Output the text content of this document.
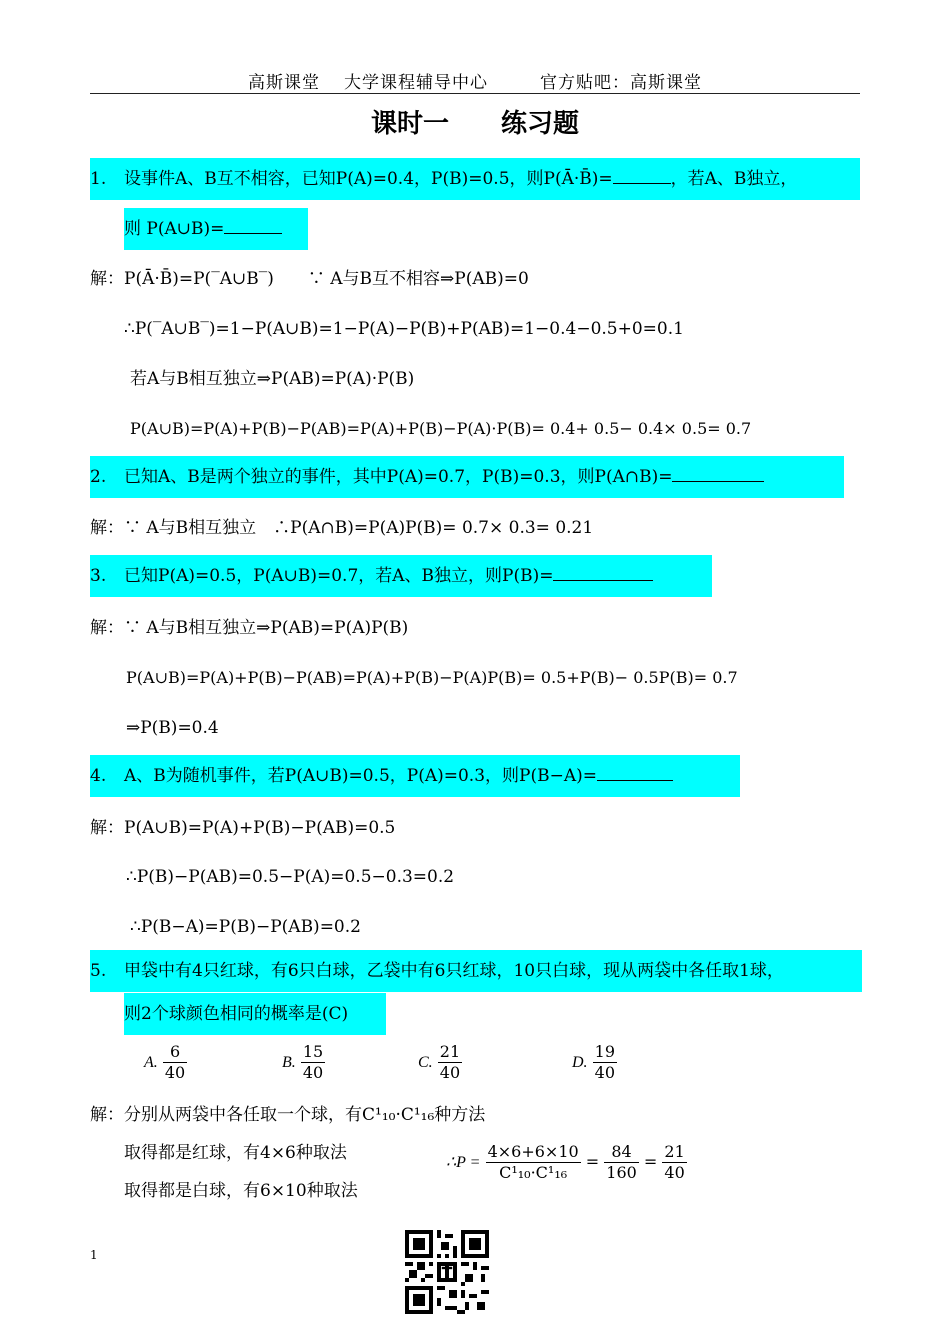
高斯课堂 大学课程辅导中心	官方贴吧：高斯课堂
课时一　　练习题
1. 设事件A、B互不相容，已知P(A)=0.4，P(B)=0.5，则P(Ā·B̄)=	，若A、B独立，
则 P(A∪B)=
解：P(Ā·B̄)=P(‾A∪B‾)　　∵ A与B互不相容⇒P(AB)=0
∴P(‾A∪B‾)=1−P(A∪B)=1−P(A)−P(B)+P(AB)=1−0.4−0.5+0=0.1
若A与B相互独立⇒P(AB)=P(A)·P(B)
P(A∪B)=P(A)+P(B)−P(AB)=P(A)+P(B)−P(A)·P(B)= 0.4+ 0.5− 0.4× 0.5= 0.7
2. 已知A、B是两个独立的事件，其中P(A)=0.7，P(B)=0.3，则P(A∩B)=
解：∵ A与B相互独立　∴P(A∩B)=P(A)P(B)= 0.7× 0.3= 0.21
3. 已知P(A)=0.5，P(A∪B)=0.7，若A、B独立，则P(B)=
解：∵ A与B相互独立⇒P(AB)=P(A)P(B)
P(A∪B)=P(A)+P(B)−P(AB)=P(A)+P(B)−P(A)P(B)= 0.5+P(B)− 0.5P(B)= 0.7
⇒P(B)=0.4
4. A、B为随机事件，若P(A∪B)=0.5，P(A)=0.3，则P(B−A)=
解：P(A∪B)=P(A)+P(B)−P(AB)=0.5
∴P(B)−P(AB)=0.5−P(A)=0.5−0.3=0.2
∴P(B−A)=P(B)−P(AB)=0.2
5. 甲袋中有4只红球，有6只白球，乙袋中有6只红球，10只白球，现从两袋中各任取1球，
则2个球颜色相同的概率是(C)
A. $\frac{6}{40}$	B. $\frac{15}{40}$	C. $\frac{21}{40}$	D. $\frac{19}{40}$
解：分别从两袋中各任取一个球，有C¹₁₀·C¹₁₆种方法
取得都是红球，有4×6种取法
取得都是白球，有6×10种取法
∴P = $\frac{4\times 6+6\times 10}{\text{C¹₁₀·C¹₁₆}} = \frac{84}{160} = \frac{21}{40}$
1
